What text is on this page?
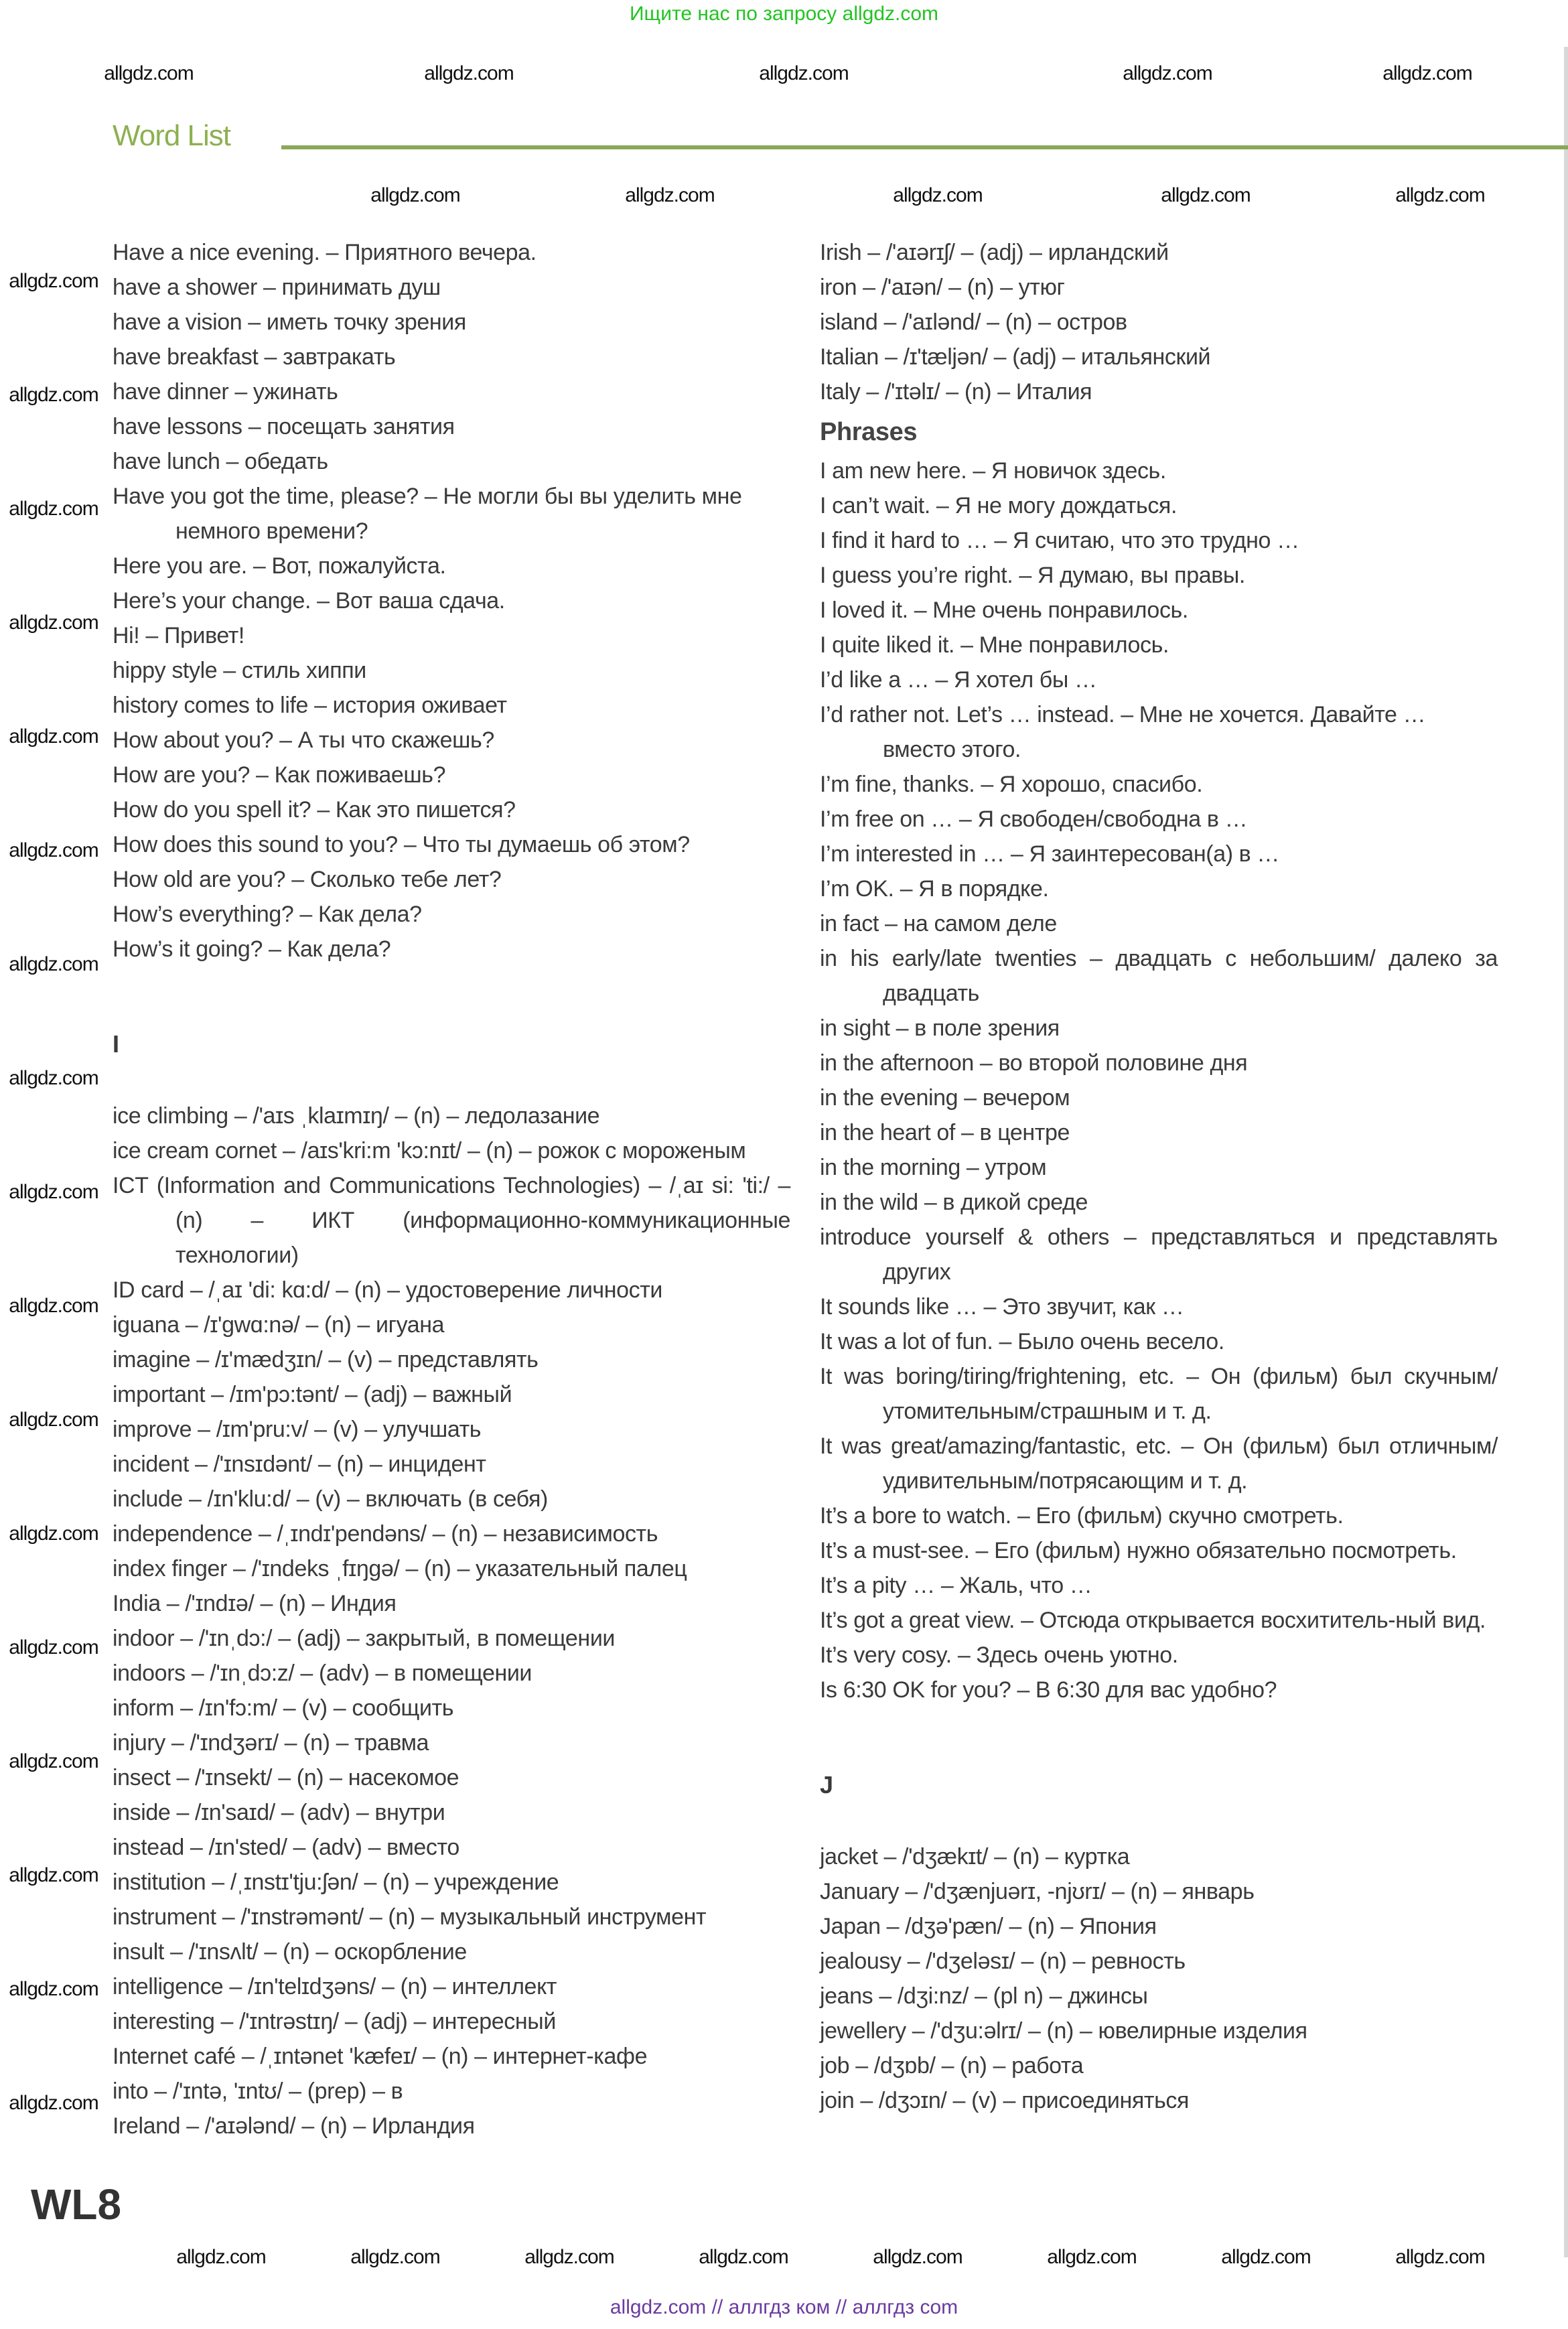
Ищите нас по запросу allgdz.com
Word List
Have a nice evening. – Приятного вечера.
have a shower – принимать душ
have a vision – иметь точку зрения
have breakfast – завтракать
have dinner – ужинать
have lessons – посещать занятия
have lunch – обедать
Have you got the time, please? – Не могли бы вы уделить мне немного времени?
Here you are. – Вот, пожалуйста.
Here’s your change. – Вот ваша сдача.
Hi! – Привет!
hippy style – стиль хиппи
history comes to life – история оживает
How about you? – А ты что скажешь?
How are you? – Как поживаешь?
How do you spell it? – Как это пишется?
How does this sound to you? – Что ты думаешь об этом?
How old are you? – Сколько тебе лет?
How’s everything? – Как дела?
How’s it going? – Как дела?
I
ice climbing – /'aɪs ˌklaɪmɪŋ/ – (n) – ледолазание
ice cream cornet – /aɪs'kri:m 'kɔ:nɪt/ – (n) – рожок с мороженым
ICT (Information and Communications Technologies) – /ˌaɪ si: 'ti:/ – (n) – ИКТ (информационно-коммуникационные технологии)
ID card – /ˌaɪ 'di: kɑ:d/ – (n) – удостоверение личности
iguana – /ɪ'gwɑ:nə/ – (n) – игуана
imagine – /ɪ'mædʒɪn/ – (v) – представлять
important – /ɪm'pɔ:tənt/ – (adj) – важный
improve – /ɪm'pru:v/ – (v) – улучшать
incident – /'ɪnsɪdənt/ – (n) – инцидент
include – /ɪn'klu:d/ – (v) – включать (в себя)
independence – /ˌɪndɪ'pendəns/ – (n) – независимость
index finger – /'ɪndeks ˌfɪŋgə/ – (n) – указательный палец
India – /'ɪndɪə/ – (n) – Индия
indoor – /'ɪnˌdɔ:/ – (adj) – закрытый, в помещении
indoors – /'ɪnˌdɔ:z/ – (adv) – в помещении
inform – /ɪn'fɔ:m/ – (v) – сообщить
injury – /'ɪndʒərɪ/ – (n) – травма
insect – /'ɪnsekt/ – (n) – насекомое
inside – /ɪn'saɪd/ – (adv) – внутри
instead – /ɪn'sted/ – (adv) – вместо
institution – /ˌɪnstɪ'tju:ʃən/ – (n) – учреждение
instrument – /'ɪnstrəmənt/ – (n) – музыкальный инструмент
insult – /'ɪnsʌlt/ – (n) – оскорбление
intelligence – /ɪn'telɪdʒəns/ – (n) – интеллект
interesting – /'ɪntrəstɪŋ/ – (adj) – интересный
Internet café – /ˌɪntənet 'kæfeɪ/ – (n) – интернет-кафе
into – /'ɪntə, 'ɪntʊ/ – (prep) – в
Ireland – /'aɪələnd/ – (n) – Ирландия
Irish – /'aɪərɪʃ/ – (adj) – ирландский
iron – /'aɪən/ – (n) – утюг
island – /'aɪlənd/ – (n) – остров
Italian – /ɪ'tæljən/ – (adj) – итальянский
Italy – /'ɪtəlɪ/ – (n) – Италия
Phrases
I am new here. – Я новичок здесь.
I can’t wait. – Я не могу дождаться.
I find it hard to … – Я считаю, что это трудно …
I guess you’re right. – Я думаю, вы правы.
I loved it. – Мне очень понравилось.
I quite liked it. – Мне понравилось.
I’d like a … – Я хотел бы …
I’d rather not. Let’s … instead. – Мне не хочется. Давайте … вместо этого.
I’m fine, thanks. – Я хорошо, спасибо.
I’m free on … – Я свободен/свободна в …
I’m interested in … – Я заинтересован(а) в …
I’m OK. – Я в порядке.
in fact – на самом деле
in his early/late twenties – двадцать с небольшим/ далеко за двадцать
in sight – в поле зрения
in the afternoon – во второй половине дня
in the evening – вечером
in the heart of – в центре
in the morning – утром
in the wild – в дикой среде
introduce yourself & others – представляться и представлять других
It sounds like … – Это звучит, как …
It was a lot of fun. – Было очень весело.
It was boring/tiring/frightening, etc. – Он (фильм) был скучным/утомительным/страшным и т. д.
It was great/amazing/fantastic, etc. – Он (фильм) был отличным/удивительным/потрясающим и т. д.
It’s a bore to watch. – Его (фильм) скучно смотреть.
It’s a must-see. – Его (фильм) нужно обязательно посмотреть.
It’s a pity … – Жаль, что …
It’s got a great view. – Отсюда открывается восхититель-ный вид.
It’s very cosy. – Здесь очень уютно.
Is 6:30 OK for you? – В 6:30 для вас удобно?
J
jacket – /'dʒækɪt/ – (n) – куртка
January – /'dʒænjuərɪ, -njʊrɪ/ – (n) – январь
Japan – /dʒə'pæn/ – (n) – Япония
jealousy – /'dʒeləsɪ/ – (n) – ревность
jeans – /dʒi:nz/ – (pl n) – джинсы
jewellery – /'dʒu:əlrɪ/ – (n) – ювелирные изделия
job – /dʒɒb/ – (n) – работа
join – /dʒɔɪn/ – (v) – присоединяться
allgdz.com	allgdz.com	allgdz.com	allgdz.com	allgdz.com
allgdz.com	allgdz.com	allgdz.com	allgdz.com	allgdz.com
allgdz.com
allgdz.com
allgdz.com
allgdz.com
allgdz.com
allgdz.com
allgdz.com
allgdz.com
allgdz.com
allgdz.com
allgdz.com
allgdz.com
allgdz.com
allgdz.com
allgdz.com
allgdz.com
allgdz.com
allgdz.com	allgdz.com	allgdz.com	allgdz.com	allgdz.com	allgdz.com	allgdz.com	allgdz.com
WL8
allgdz.com // аллгдз ком // аллгдз com
